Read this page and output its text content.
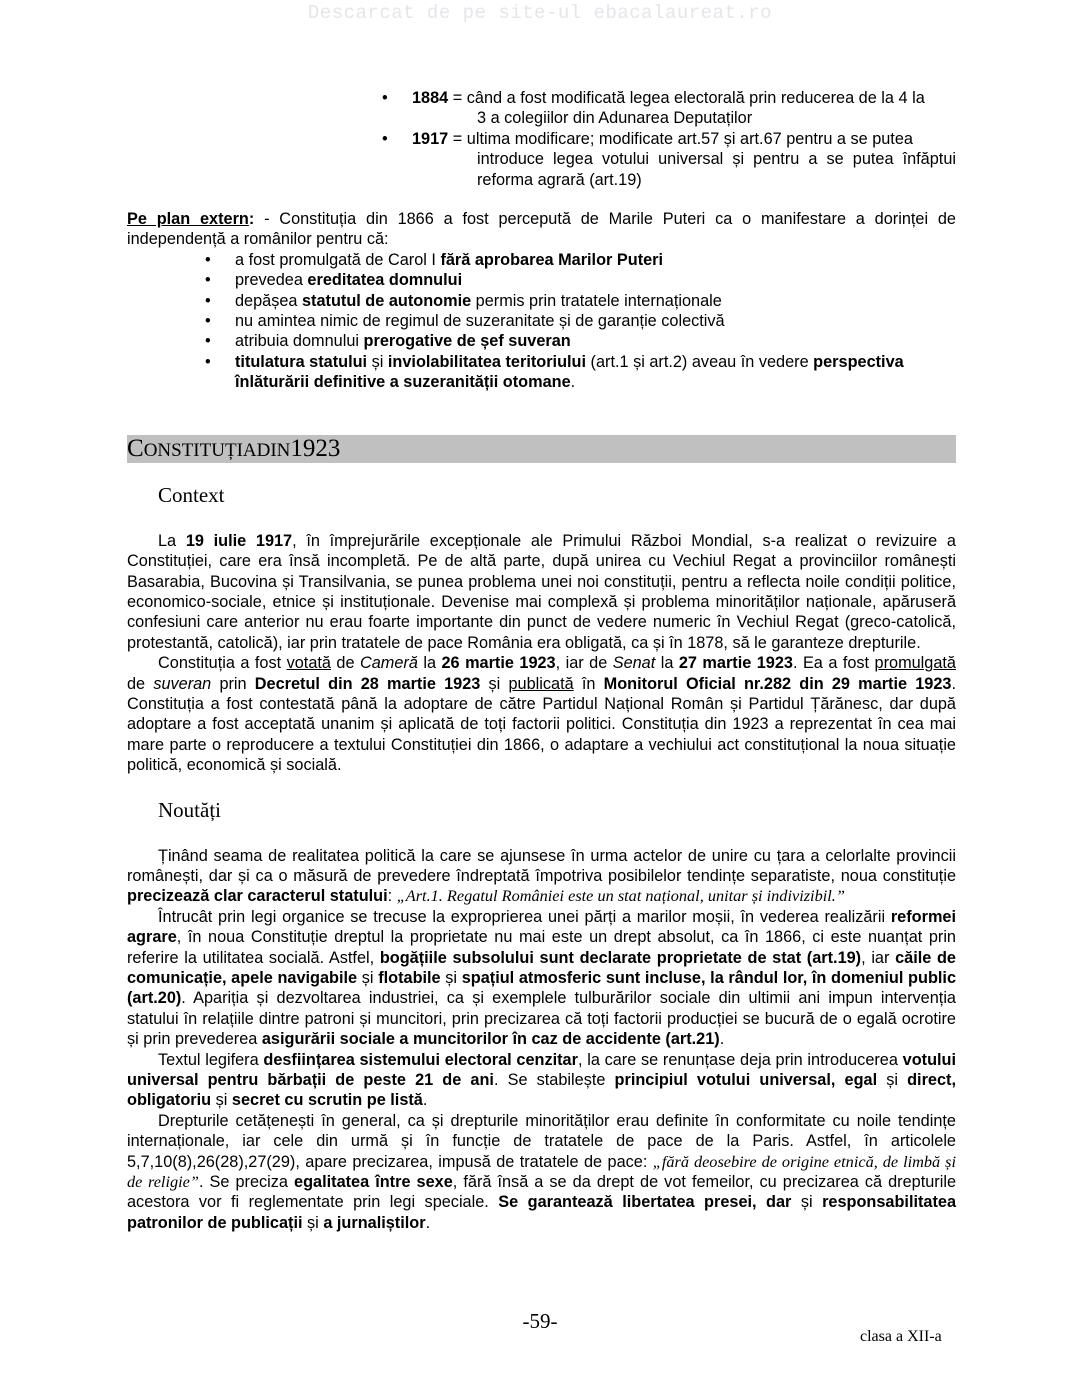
Descarcat de pe site-ul ebacalaureat.ro
• 1884 = când a fost modificată legea electorală prin reducerea de la 4 la
3 a colegiilor din Adunarea Deputaților
• 1917 = ultima modificare; modificate art.57 și art.67 pentru a se putea
introduce legea votului universal și pentru a se putea înfăptui reforma agrară (art.19)

Pe plan extern: - Constituția din 1866 a fost percepută de Marile Puteri ca o manifestare a dorinței de independență a românilor pentru că:

• a fost promulgată de Carol I fără aprobarea Marilor Puteri
• prevedea ereditatea domnului
• depășea statutul de autonomie permis prin tratatele internaționale
• nu amintea nimic de regimul de suzeranitate și de garanție colectivă
• atribuia domnului prerogative de șef suveran
• titulatura statului și inviolabilitatea teritoriului (art.1 și art.2) aveau în vedere perspectiva înlăturării definitive a suzeranității otomane.
CONSTITUȚIADIN1923
Context

La 19 iulie 1917, în împrejurările excepționale ale Primului Război Mondial, s-a realizat o revizuire a Constituției, care era însă incompletă. Pe de altă parte, după unirea cu Vechiul Regat a provinciilor românești Basarabia, Bucovina și Transilvania, se punea problema unei noi constituții, pentru a reflecta noile condiții politice, economico-sociale, etnice și instituționale. Devenise mai complexă și problema minorităților naționale, apăruseră confesiuni care anterior nu erau foarte importante din punct de vedere numeric în Vechiul Regat (greco-catolică, protestantă, catolică), iar prin tratatele de pace România era obligată, ca și în 1878, să le garanteze drepturile.

Constituția a fost votată de Cameră la 26 martie 1923, iar de Senat la 27 martie 1923. Ea a fost promulgată de suveran prin Decretul din 28 martie 1923 și publicată în Monitorul Oficial nr.282 din 29 martie 1923. Constituția a fost contestată până la adoptare de către Partidul Național Român și Partidul Țărănesc, dar după adoptare a fost acceptată unanim și aplicată de toți factorii politici. Constituția din 1923 a reprezentat în cea mai mare parte o reproducere a textului Constituției din 1866, o adaptare a vechiului act constituțional la noua situație politică, economică și socială.

Noutăți

Ținând seama de realitatea politică la care se ajunsese în urma actelor de unire cu țara a celorlalte provincii românești, dar și ca o măsură de prevedere îndreptată împotriva posibilelor tendințe separatiste, noua constituție precizează clar caracterul statului: „Art.1. Regatul României este un stat național, unitar și indivizibil.”

Întrucât prin legi organice se trecuse la exproprierea unei părți a marilor moșii, în vederea realizării reformei agrare, în noua Constituție dreptul la proprietate nu mai este un drept absolut, ca în 1866, ci este nuanțat prin referire la utilitatea socială. Astfel, bogățiile subsolului sunt declarate proprietate de stat (art.19), iar căile de comunicație, apele navigabile și flotabile și spațiul atmosferic sunt incluse, la rândul lor, în domeniul public (art.20). Apariția și dezvoltarea industriei, ca și exemplele tulburărilor sociale din ultimii ani impun intervenția statului în relațiile dintre patroni și muncitori, prin precizarea că toți factorii producției se bucură de o egală ocrotire și prin prevederea asigurării sociale a muncitorilor în caz de accidente (art.21).

Textul legifera desființarea sistemului electoral cenzitar, la care se renunțase deja prin introducerea votului universal pentru bărbații de peste 21 de ani. Se stabilește principiul votului universal, egal și direct, obligatoriu și secret cu scrutin pe listă.

Drepturile cetățenești în general, ca și drepturile minorităților erau definite în conformitate cu noile tendințe internaționale, iar cele din urmă și în funcție de tratatele de pace de la Paris. Astfel, în articolele 5,7,10(8),26(28),27(29), apare precizarea, impusă de tratatele de pace: „fără deosebire de origine etnică, de limbă și de religie”. Se preciza egalitatea între sexe, fără însă a se da drept de vot femeilor, cu precizarea că drepturile acestora vor fi reglementate prin legi speciale. Se garantează libertatea presei, dar și responsabilitatea patronilor de publicații și a jurnaliștilor.

-59-
clasa a XII-a
